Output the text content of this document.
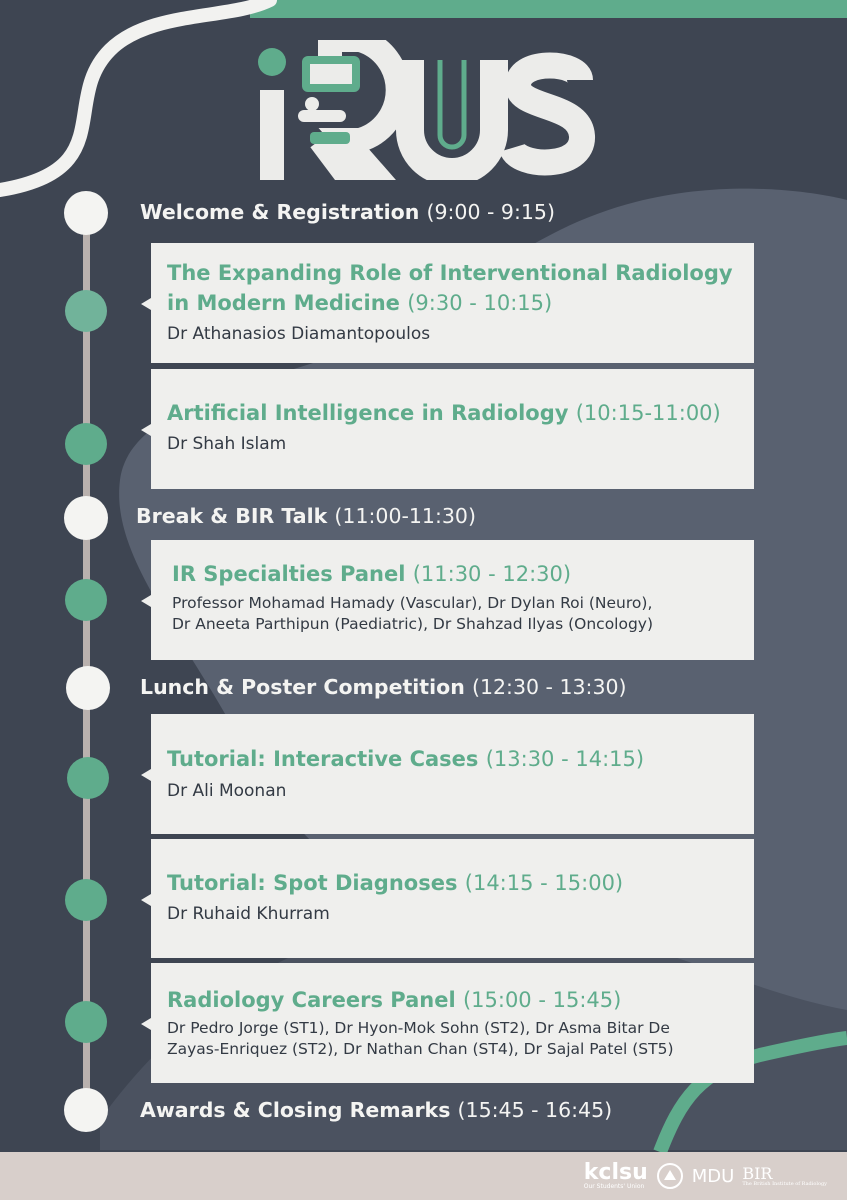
Welcome & Registration (9:00 - 9:15)
Break & BIR Talk (11:00-11:30)
Lunch & Poster Competition (12:30 - 13:30)
Awards & Closing Remarks (15:45 - 16:45)
The Expanding Role of Interventional Radiology
in Modern Medicine (9:30 - 10:15)
Dr Athanasios Diamantopoulos
Artificial Intelligence in Radiology (10:15-11:00)
Dr Shah Islam
IR Specialties Panel (11:30 - 12:30)
Professor Mohamad Hamady (Vascular), Dr Dylan Roi (Neuro),
Dr Aneeta Parthipun (Paediatric), Dr Shahzad Ilyas (Oncology)
Tutorial: Interactive Cases (13:30 - 14:15)
Dr Ali Moonan
Tutorial: Spot Diagnoses (14:15 - 15:00)
Dr Ruhaid Khurram
Radiology Careers Panel (15:00 - 15:45)
Dr Pedro Jorge (ST1), Dr Hyon-Mok Sohn (ST2), Dr Asma Bitar De
Zayas-Enriquez (ST2), Dr Nathan Chan (ST4), Dr Sajal Patel (ST5)
kclsu
Our Students' Union	MDU BIR
The British Institute of Radiology
